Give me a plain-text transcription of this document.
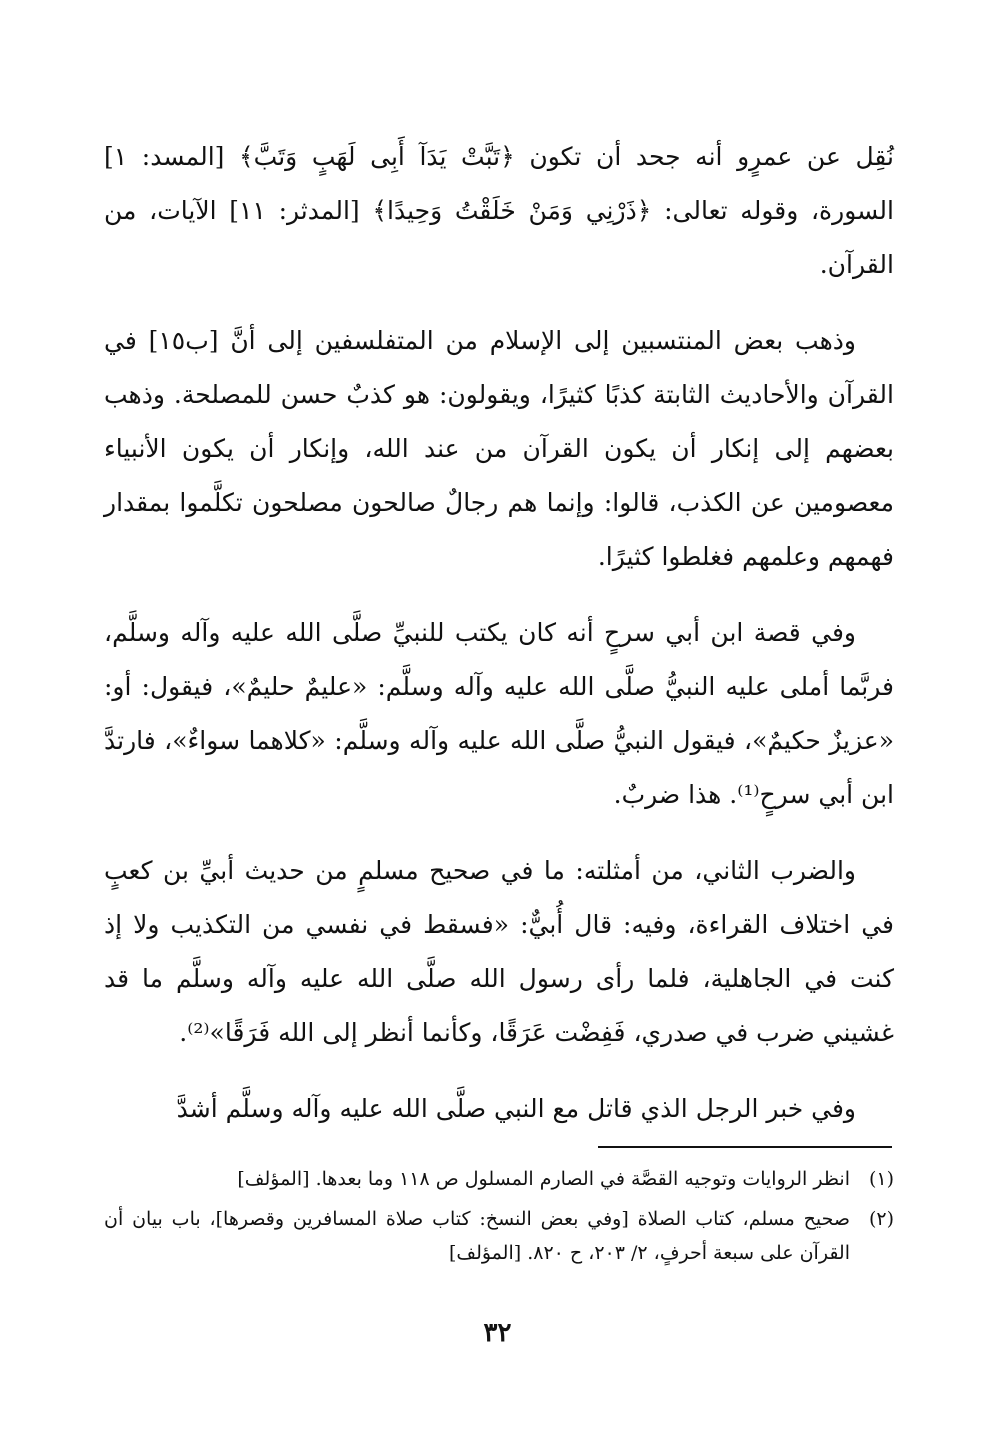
نُقِل عن عمرٍو أنه جحد أن تكون ﴿تَبَّتْ يَدَآ أَبِى لَهَبٍ وَتَبَّ﴾ [المسد: ١] السورة، وقوله تعالى: ﴿ذَرْنِي وَمَنْ خَلَقْتُ وَحِيدًا﴾ [المدثر: ١١] الآيات، من القرآن.

وذهب بعض المنتسبين إلى الإسلام من المتفلسفين إلى أنَّ [ب١٥] في القرآن والأحاديث الثابتة كذبًا كثيرًا، ويقولون: هو كذبٌ حسن للمصلحة. وذهب بعضهم إلى إنكار أن يكون القرآن من عند الله، وإنكار أن يكون الأنبياء معصومين عن الكذب، قالوا: وإنما هم رجالٌ صالحون مصلحون تكلَّموا بمقدار فهمهم وعلمهم فغلطوا كثيرًا.

وفي قصة ابن أبي سرحٍ أنه كان يكتب للنبيِّ صلَّى الله عليه وآله وسلَّم، فربَّما أملى عليه النبيُّ صلَّى الله عليه وآله وسلَّم: «عليمٌ حليمٌ»، فيقول: أو: «عزيزٌ حكيمٌ»، فيقول النبيُّ صلَّى الله عليه وآله وسلَّم: «كلاهما سواءٌ»، فارتدَّ ابن أبي سرحٍ⁽¹⁾. هذا ضربٌ.

والضرب الثاني، من أمثلته: ما في صحيح مسلمٍ من حديث أبيِّ بن كعبٍ في اختلاف القراءة، وفيه: قال أُبيٌّ: «فسقط في نفسي من التكذيب ولا إذ كنت في الجاهلية، فلما رأى رسول الله صلَّى الله عليه وآله وسلَّم ما قد غشيني ضرب في صدري، فَفِضْت عَرَقًا، وكأنما أنظر إلى الله فَرَقًا»⁽²⁾.

وفي خبر الرجل الذي قاتل مع النبي صلَّى الله عليه وآله وسلَّم أشدَّ

(١)
انظر الروايات وتوجيه القصَّة في الصارم المسلول ص ١١٨ وما بعدها. [المؤلف]
(٢)
صحيح مسلم، كتاب الصلاة [وفي بعض النسخ: كتاب صلاة المسافرين وقصرها]، باب بيان أن القرآن على سبعة أحرفٍ، ٢/ ٢٠٣، ح ٨٢٠. [المؤلف]
٣٢
